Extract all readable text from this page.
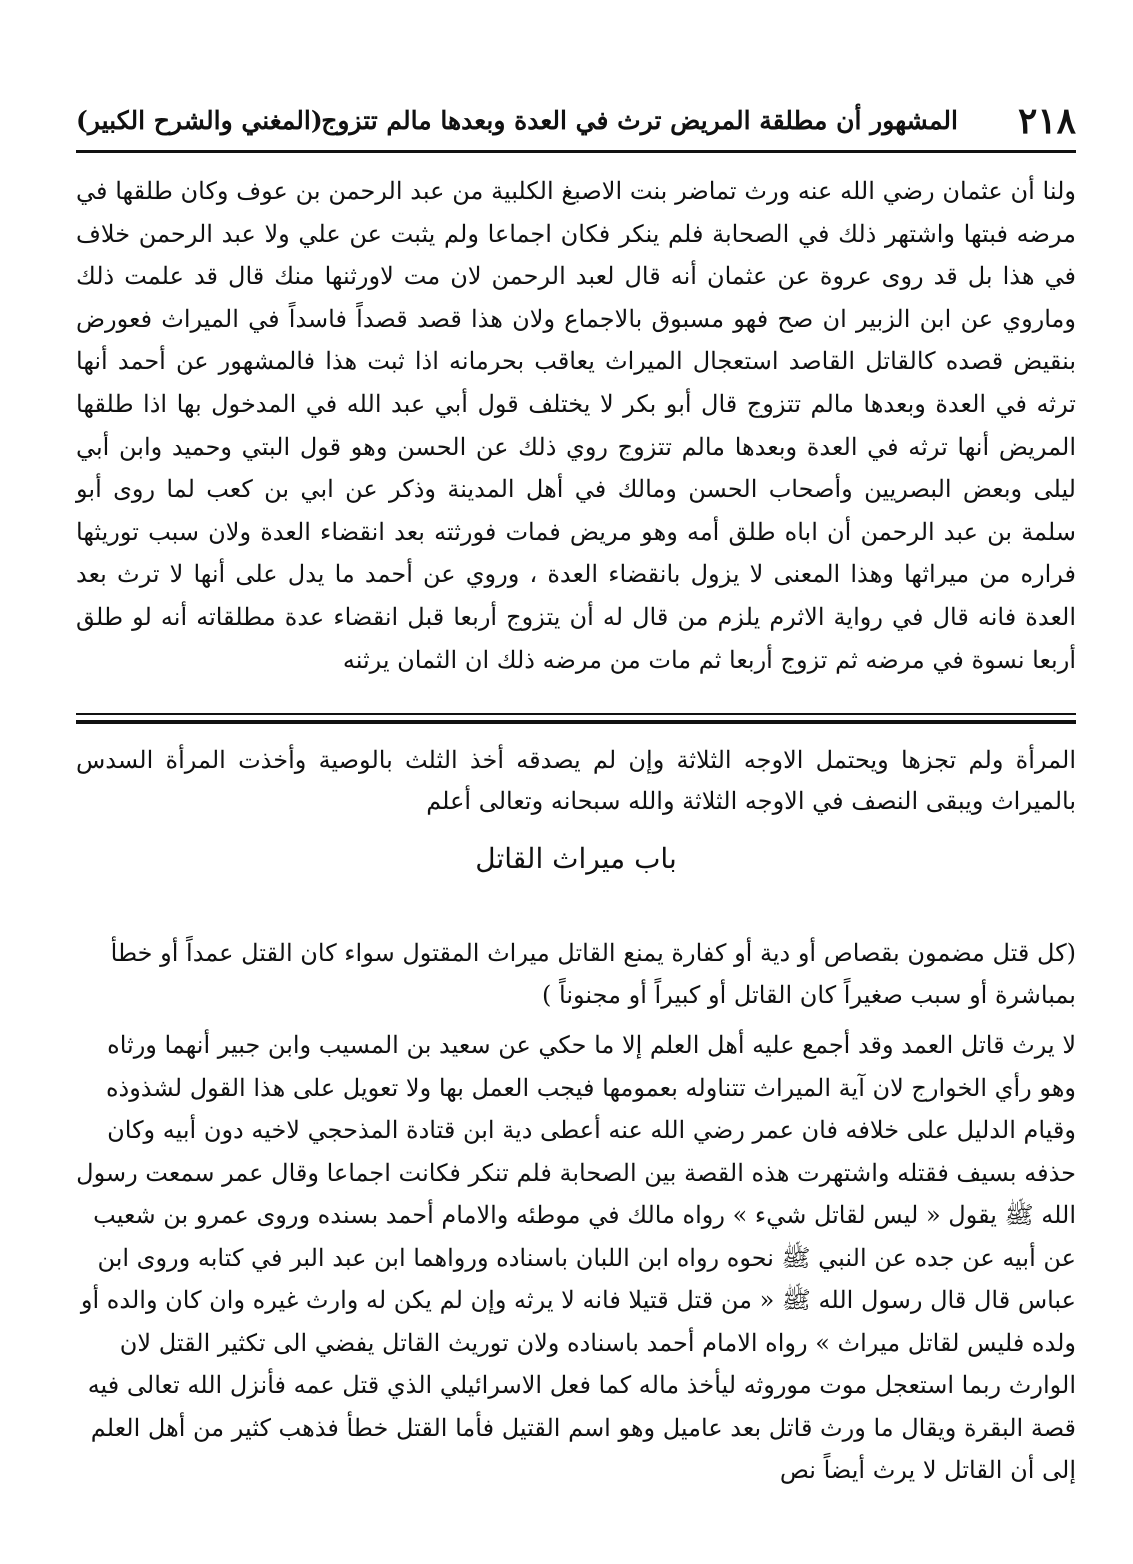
٢١٨
المشهور أن مطلقة المريض ترث في العدة وبعدها مالم تتزوج
(المغني والشرح الكبير)

ولنا أن عثمان رضي الله عنه ورث تماضر بنت الاصبغ الكلبية من عبد الرحمن بن عوف وكان طلقها في مرضه فبتها واشتهر ذلك في الصحابة فلم ينكر فكان اجماعا ولم يثبت عن علي ولا عبد الرحمن خلاف في هذا بل قد روى عروة عن عثمان أنه قال لعبد الرحمن لان مت لاورثنها منك قال قد علمت ذلك وماروي عن ابن الزبير ان صح فهو مسبوق بالاجماع ولان هذا قصد قصداً فاسداً في الميراث فعورض بنقيض قصده كالقاتل القاصد استعجال الميراث يعاقب بحرمانه اذا ثبت هذا فالمشهور عن أحمد أنها ترثه في العدة وبعدها مالم تتزوج قال أبو بكر لا يختلف قول أبي عبد الله في المدخول بها اذا طلقها المريض أنها ترثه في العدة وبعدها مالم تتزوج روي ذلك عن الحسن وهو قول البتي وحميد وابن أبي ليلى وبعض البصريين وأصحاب الحسن ومالك في أهل المدينة وذكر عن ابي بن كعب لما روى أبو سلمة بن عبد الرحمن أن اباه طلق أمه وهو مريض فمات فورثته بعد انقضاء العدة ولان سبب توريثها فراره من ميراثها وهذا المعنى لا يزول بانقضاء العدة ، وروي عن أحمد ما يدل على أنها لا ترث بعد العدة فانه قال في رواية الاثرم يلزم من قال له أن يتزوج أربعا قبل انقضاء عدة مطلقاته أنه لو طلق أربعا نسوة في مرضه ثم تزوج أربعا ثم مات من مرضه ذلك ان الثمان يرثنه

المرأة ولم تجزها ويحتمل الاوجه الثلاثة وإن لم يصدقه أخذ الثلث بالوصية وأخذت المرأة السدس بالميراث ويبقى النصف في الاوجه الثلاثة والله سبحانه وتعالى أعلم

باب ميراث القاتل

(كل قتل مضمون بقصاص أو دية أو كفارة يمنع القاتل ميراث المقتول سواء كان القتل عمداً أو خطأ بمباشرة أو سبب صغيراً كان القاتل أو كبيراً أو مجنوناً )

لا يرث قاتل العمد وقد أجمع عليه أهل العلم إلا ما حكي عن سعيد بن المسيب وابن جبير أنهما ورثاه وهو رأي الخوارج لان آية الميراث تتناوله بعمومها فيجب العمل بها ولا تعويل على هذا القول لشذوذه وقيام الدليل على خلافه فان عمر رضي الله عنه أعطى دية ابن قتادة المذحجي لاخيه دون أبيه وكان حذفه بسيف فقتله واشتهرت هذه القصة بين الصحابة فلم تنكر فكانت اجماعا وقال عمر سمعت رسول الله ﷺ يقول « ليس لقاتل شيء » رواه مالك في موطئه والامام أحمد بسنده وروى عمرو بن شعيب عن أبيه عن جده عن النبي ﷺ نحوه رواه ابن اللبان باسناده ورواهما ابن عبد البر في كتابه وروى ابن عباس قال قال رسول الله ﷺ « من قتل قتيلا فانه لا يرثه وإن لم يكن له وارث غيره وان كان والده أو ولده فليس لقاتل ميراث » رواه الامام أحمد باسناده ولان توريث القاتل يفضي الى تكثير القتل لان الوارث ربما استعجل موت موروثه ليأخذ ماله كما فعل الاسرائيلي الذي قتل عمه فأنزل الله تعالى فيه قصة البقرة ويقال ما ورث قاتل بعد عاميل وهو اسم القتيل فأما القتل خطأ فذهب كثير من أهل العلم إلى أن القاتل لا يرث أيضاً نص
